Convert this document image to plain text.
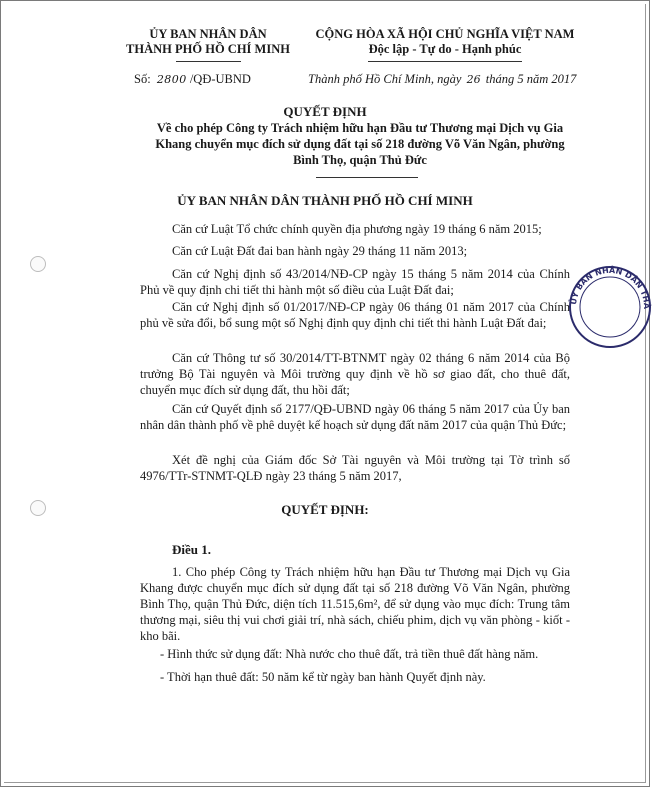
ỦY BAN NHÂN DÂN
THÀNH PHỐ HỒ CHÍ MINH
CỘNG HÒA XÃ HỘI CHỦ NGHĨA VIỆT NAM
Độc lập - Tự do - Hạnh phúc
Số: 2800 /QĐ-UBND	Thành phố Hồ Chí Minh, ngày 26 tháng 5 năm 2017
QUYẾT ĐỊNH
Về cho phép Công ty Trách nhiệm hữu hạn Đầu tư Thương mại Dịch vụ Gia Khang chuyển mục đích sử dụng đất tại số 218 đường Võ Văn Ngân, phường Bình Thọ, quận Thủ Đức
ỦY BAN NHÂN DÂN THÀNH PHỐ HỒ CHÍ MINH
Căn cứ Luật Tổ chức chính quyền địa phương ngày 19 tháng 6 năm 2015;
Căn cứ Luật Đất đai ban hành ngày 29 tháng 11 năm 2013;
Căn cứ Nghị định số 43/2014/NĐ-CP ngày 15 tháng 5 năm 2014 của Chính Phủ về quy định chi tiết thi hành một số điều của Luật Đất đai;
Căn cứ Nghị định số 01/2017/NĐ-CP ngày 06 tháng 01 năm 2017 của Chính phủ về sửa đổi, bổ sung một số Nghị định quy định chi tiết thi hành Luật Đất đai;
Căn cứ Thông tư số 30/2014/TT-BTNMT ngày 02 tháng 6 năm 2014 của Bộ trưởng Bộ Tài nguyên và Môi trường quy định về hồ sơ giao đất, cho thuê đất, chuyển mục đích sử dụng đất, thu hồi đất;
Căn cứ Quyết định số 2177/QĐ-UBND ngày 06 tháng 5 năm 2017 của Ủy ban nhân dân thành phố về phê duyệt kế hoạch sử dụng đất năm 2017 của quận Thủ Đức;
Xét đề nghị của Giám đốc Sở Tài nguyên và Môi trường tại Tờ trình số 4976/TTr-STNMT-QLĐ ngày 23 tháng 5 năm 2017,
QUYẾT ĐỊNH:
Điều 1.
1. Cho phép Công ty Trách nhiệm hữu hạn Đầu tư Thương mại Dịch vụ Gia Khang được chuyển mục đích sử dụng đất tại số 218 đường Võ Văn Ngân, phường Bình Thọ, quận Thủ Đức, diện tích 11.515,6m², để sử dụng vào mục đích: Trung tâm thương mại, siêu thị vui chơi giải trí, nhà sách, chiếu phim, dịch vụ văn phòng - kiốt - kho bãi.
- Hình thức sử dụng đất: Nhà nước cho thuê đất, trả tiền thuê đất hàng năm.
- Thời hạn thuê đất: 50 năm kể từ ngày ban hành Quyết định này.
ỦY BAN NHÂN DÂN THÀ
